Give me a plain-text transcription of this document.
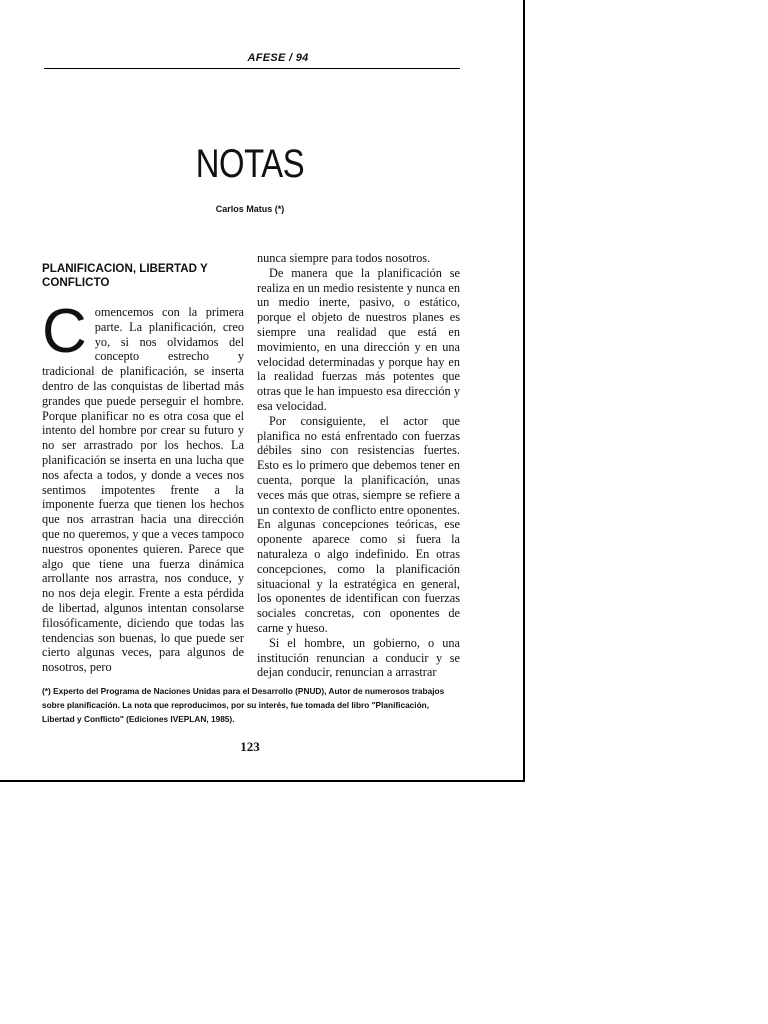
AFESE / 94
NOTAS
Carlos Matus (*)
PLANIFICACION, LIBERTAD Y CONFLICTO

Comencemos con la primera parte. La planificación, creo yo, si nos olvidamos del concepto estrecho y tradicional de planificación, se inserta dentro de las conquistas de libertad más grandes que puede perseguir el hombre. Porque planificar no es otra cosa que el intento del hombre por crear su futuro y no ser arrastrado por los hechos. La planificación se inserta en una lucha que nos afecta a todos, y donde a veces nos sentimos impotentes frente a la imponente fuerza que tienen los hechos que nos arrastran hacia una dirección que no queremos, y que a veces tampoco nuestros oponentes quieren. Parece que algo que tiene una fuerza dinámica arrollante nos arrastra, nos conduce, y no nos deja elegir. Frente a esta pérdida de libertad, algunos intentan consolarse filosóficamente, diciendo que todas las tendencias son buenas, lo que puede ser cierto algunas veces, para algunos de nosotros, pero

nunca siempre para todos nosotros.

De manera que la planificación se realiza en un medio resistente y nunca en un medio inerte, pasivo, o estático, porque el objeto de nuestros planes es siempre una realidad que está en movimiento, en una dirección y en una velocidad determinadas y porque hay en la realidad fuerzas más potentes que otras que le han impuesto esa dirección y esa velocidad.

Por consiguiente, el actor que planifica no está enfrentado con fuerzas débiles sino con resistencias fuertes. Esto es lo primero que debemos tener en cuenta, porque la planificación, unas veces más que otras, siempre se refiere a un contexto de conflicto entre oponentes. En algunas concepciones teóricas, ese oponente aparece como si fuera la naturaleza o algo indefinido. En otras concepciones, como la planificación situacional y la estratégica en general, los oponentes de identifican con fuerzas sociales concretas, con oponentes de carne y hueso.

Si el hombre, un gobierno, o una institución renuncian a conducir y se dejan conducir, renuncian a arrastrar

(*) Experto del Programa de Naciones Unidas para el Desarrollo (PNUD), Autor de numerosos trabajos sobre planificación. La nota que reproducimos, por su interés, fue tomada del libro "Planificación, Libertad y Conflicto" (Ediciones IVEPLAN, 1985).
123
